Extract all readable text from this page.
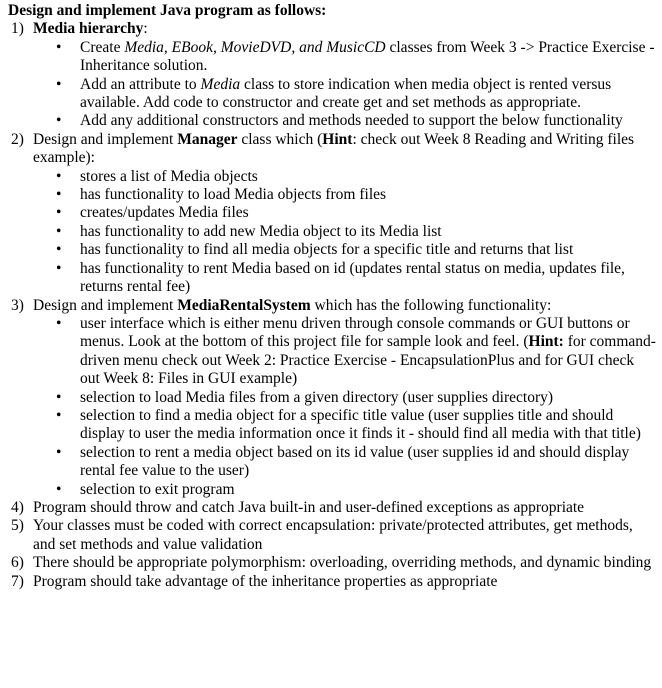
Design and implement Java program as follows:
1) Media hierarchy:
• Create Media, EBook, MovieDVD, and MusicCD classes from Week 3 -> Practice Exercise - Inheritance solution.
• Add an attribute to Media class to store indication when media object is rented versus available. Add code to constructor and create get and set methods as appropriate.
• Add any additional constructors and methods needed to support the below functionality
2) Design and implement Manager class which (Hint: check out Week 8 Reading and Writing files example):
• stores a list of Media objects
• has functionality to load Media objects from files
• creates/updates Media files
• has functionality to add new Media object to its Media list
• has functionality to find all media objects for a specific title and returns that list
• has functionality to rent Media based on id (updates rental status on media, updates file, returns rental fee)
3) Design and implement MediaRentalSystem which has the following functionality:
• user interface which is either menu driven through console commands or GUI buttons or menus. Look at the bottom of this project file for sample look and feel. (Hint: for command-driven menu check out Week 2: Practice Exercise - EncapsulationPlus and for GUI check out Week 8: Files in GUI example)
• selection to load Media files from a given directory (user supplies directory)
• selection to find a media object for a specific title value (user supplies title and should display to user the media information once it finds it - should find all media with that title)
• selection to rent a media object based on its id value (user supplies id and should display rental fee value to the user)
• selection to exit program
4) Program should throw and catch Java built-in and user-defined exceptions as appropriate
5) Your classes must be coded with correct encapsulation: private/protected attributes, get methods, and set methods and value validation
6) There should be appropriate polymorphism: overloading, overriding methods, and dynamic binding
7) Program should take advantage of the inheritance properties as appropriate
